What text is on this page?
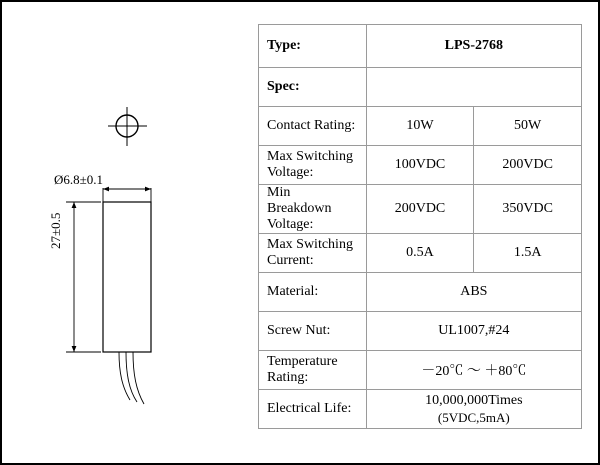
Ø6.8±0.1
27±0.5
Type:	LPS-2768	
Spec:		
Contact Rating:	10W	50W
Max Switching Voltage:	100VDC	200VDC
Min Breakdown Voltage:	200VDC	350VDC
Max Switching Current:	0.5A	1.5A
Material:	ABS	
Screw Nut:	UL1007,#24	
Temperature Rating:	－20℃ ～ ＋80℃	
Electrical Life:	10,000,000Times
(5VDC,5mA)	
